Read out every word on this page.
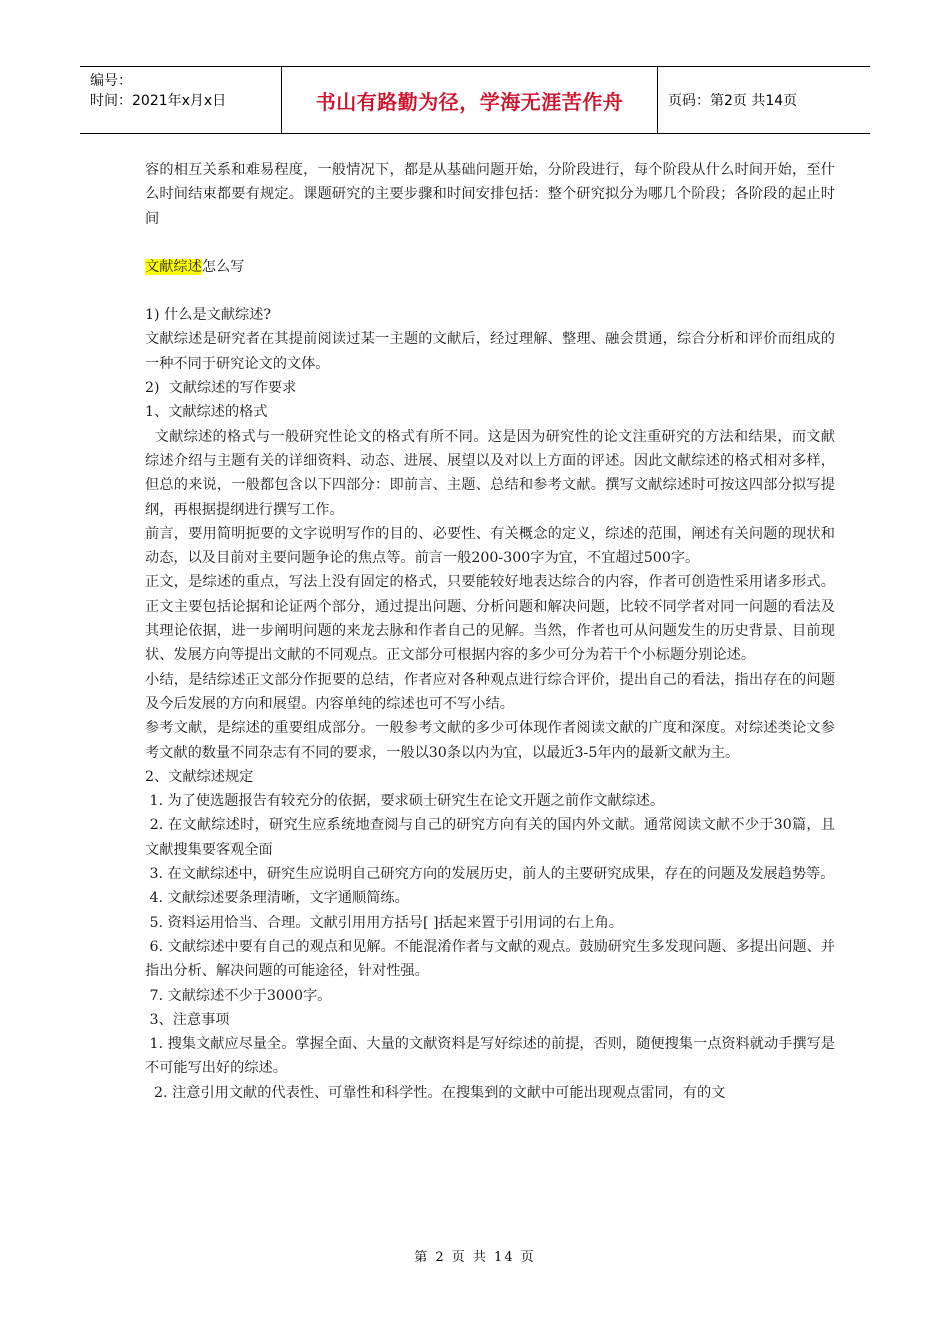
编号：
时间：2021年x月x日	书山有路勤为径，学海无涯苦作舟	页码：第2页 共14页

容的相互关系和难易程度，一般情况下，都是从基础问题开始，分阶段进行，每个阶段从什么时间开始，至什么时间结束都要有规定。课题研究的主要步骤和时间安排包括：整个研究拟分为哪几个阶段；各阶段的起止时间

文献综述怎么写

1) 什么是文献综述?

文献综述是研究者在其提前阅读过某一主题的文献后，经过理解、整理、融会贯通，综合分析和评价而组成的一种不同于研究论文的文体。

2)  文献综述的写作要求

1、文献综述的格式

文献综述的格式与一般研究性论文的格式有所不同。这是因为研究性的论文注重研究的方法和结果，而文献综述介绍与主题有关的详细资料、动态、进展、展望以及对以上方面的评述。因此文献综述的格式相对多样，但总的来说，一般都包含以下四部分：即前言、主题、总结和参考文献。撰写文献综述时可按这四部分拟写提纲，再根据提纲进行撰写工作。

前言，要用简明扼要的文字说明写作的目的、必要性、有关概念的定义，综述的范围，阐述有关问题的现状和动态，以及目前对主要问题争论的焦点等。前言一般200-300字为宜，不宜超过500字。

正文，是综述的重点，写法上没有固定的格式，只要能较好地表达综合的内容，作者可创造性采用诸多形式。正文主要包括论据和论证两个部分，通过提出问题、分析问题和解决问题，比较不同学者对同一问题的看法及其理论依据，进一步阐明问题的来龙去脉和作者自己的见解。当然，作者也可从问题发生的历史背景、目前现状、发展方向等提出文献的不同观点。正文部分可根据内容的多少可分为若干个小标题分别论述。

小结，是结综述正文部分作扼要的总结，作者应对各种观点进行综合评价，提出自己的看法，指出存在的问题及今后发展的方向和展望。内容单纯的综述也可不写小结。

参考文献，是综述的重要组成部分。一般参考文献的多少可体现作者阅读文献的广度和深度。对综述类论文参考文献的数量不同杂志有不同的要求，一般以30条以内为宜，以最近3-5年内的最新文献为主。

2、文献综述规定

1. 为了使选题报告有较充分的依据，要求硕士研究生在论文开题之前作文献综述。

2. 在文献综述时，研究生应系统地查阅与自己的研究方向有关的国内外文献。通常阅读文献不少于30篇，且文献搜集要客观全面

3. 在文献综述中，研究生应说明自己研究方向的发展历史，前人的主要研究成果，存在的问题及发展趋势等。

4. 文献综述要条理清晰，文字通顺简练。

5. 资料运用恰当、合理。文献引用用方括号[ ]括起来置于引用词的右上角。

6. 文献综述中要有自己的观点和见解。不能混淆作者与文献的观点。鼓励研究生多发现问题、多提出问题、并指出分析、解决问题的可能途径，针对性强。

7. 文献综述不少于3000字。

3、注意事项

1. 搜集文献应尽量全。掌握全面、大量的文献资料是写好综述的前提，否则，随便搜集一点资料就动手撰写是不可能写出好的综述。

2. 注意引用文献的代表性、可靠性和科学性。在搜集到的文献中可能出现观点雷同，有的文

第 2 页 共 14 页
